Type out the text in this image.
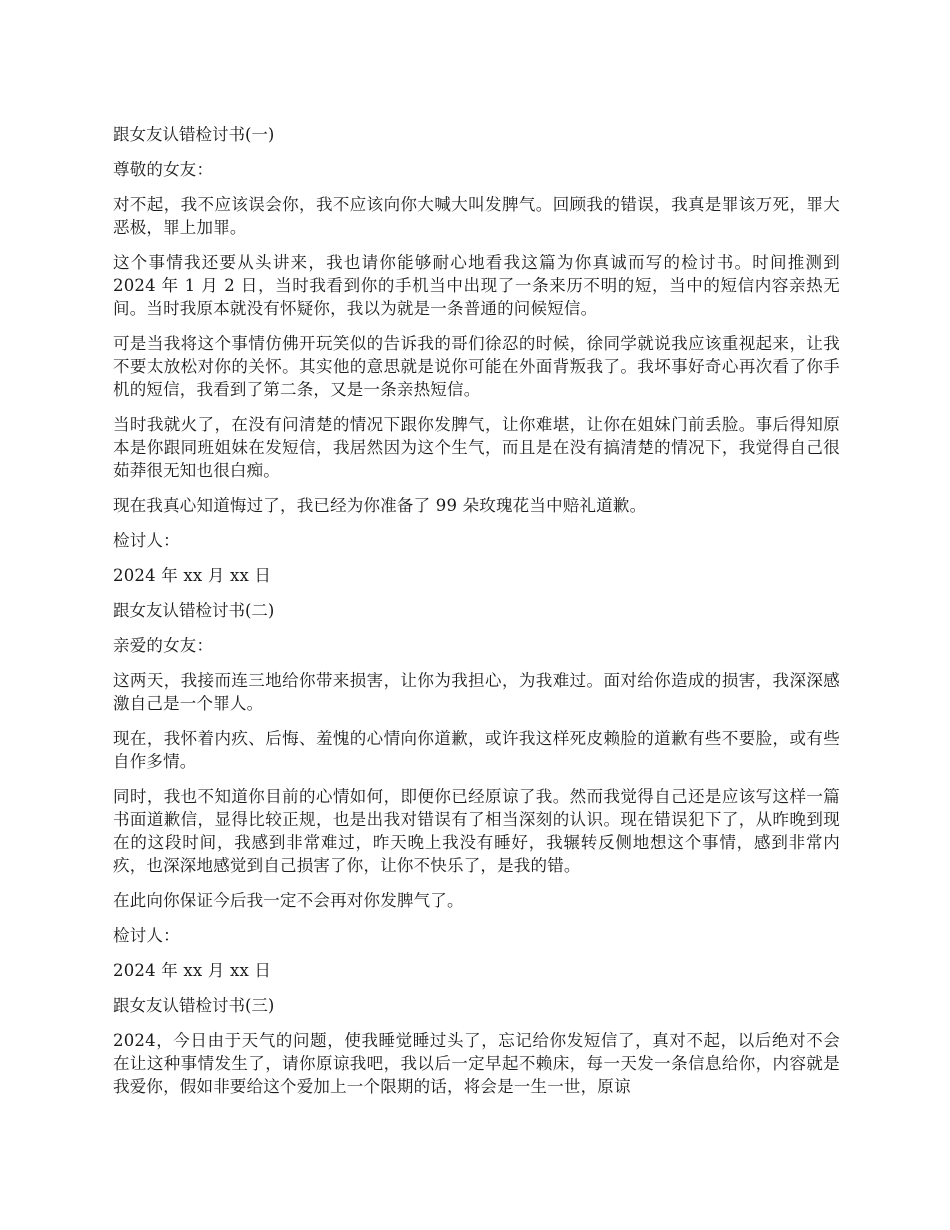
跟女友认错检讨书(一)

尊敬的女友：

对不起，我不应该误会你，我不应该向你大喊大叫发脾气。回顾我的错误，我真是罪该万死，罪大恶极，罪上加罪。

这个事情我还要从头讲来，我也请你能够耐心地看我这篇为你真诚而写的检讨书。时间推测到 2024 年 1 月 2 日，当时我看到你的手机当中出现了一条来历不明的短，当中的短信内容亲热无间。当时我原本就没有怀疑你，我以为就是一条普通的问候短信。

可是当我将这个事情仿佛开玩笑似的告诉我的哥们徐忍的时候，徐同学就说我应该重视起来，让我不要太放松对你的关怀。其实他的意思就是说你可能在外面背叛我了。我坏事好奇心再次看了你手机的短信，我看到了第二条，又是一条亲热短信。

当时我就火了，在没有问清楚的情况下跟你发脾气，让你难堪，让你在姐妹门前丢脸。事后得知原本是你跟同班姐妹在发短信，我居然因为这个生气，而且是在没有搞清楚的情况下，我觉得自己很茹莽很无知也很白痴。

现在我真心知道悔过了，我已经为你准备了 99 朵玫瑰花当中赔礼道歉。

检讨人：

2024 年 xx 月 xx 日

跟女友认错检讨书(二)

亲爱的女友：

这两天，我接而连三地给你带来损害，让你为我担心，为我难过。面对给你造成的损害，我深深感激自己是一个罪人。

现在，我怀着内疚、后悔、羞愧的心情向你道歉，或许我这样死皮赖脸的道歉有些不要脸，或有些自作多情。

同时，我也不知道你目前的心情如何，即便你已经原谅了我。然而我觉得自己还是应该写这样一篇书面道歉信，显得比较正规，也是出我对错误有了相当深刻的认识。现在错误犯下了，从昨晚到现在的这段时间，我感到非常难过，昨天晚上我没有睡好，我辗转反侧地想这个事情，感到非常内疚，也深深地感觉到自己损害了你，让你不快乐了，是我的错。

在此向你保证今后我一定不会再对你发脾气了。

检讨人：

2024 年 xx 月 xx 日

跟女友认错检讨书(三)

2024，今日由于天气的问题，使我睡觉睡过头了，忘记给你发短信了，真对不起，以后绝对不会在让这种事情发生了，请你原谅我吧，我以后一定早起不赖床，每一天发一条信息给你，内容就是我爱你，假如非要给这个爱加上一个限期的话，将会是一生一世，原谅
